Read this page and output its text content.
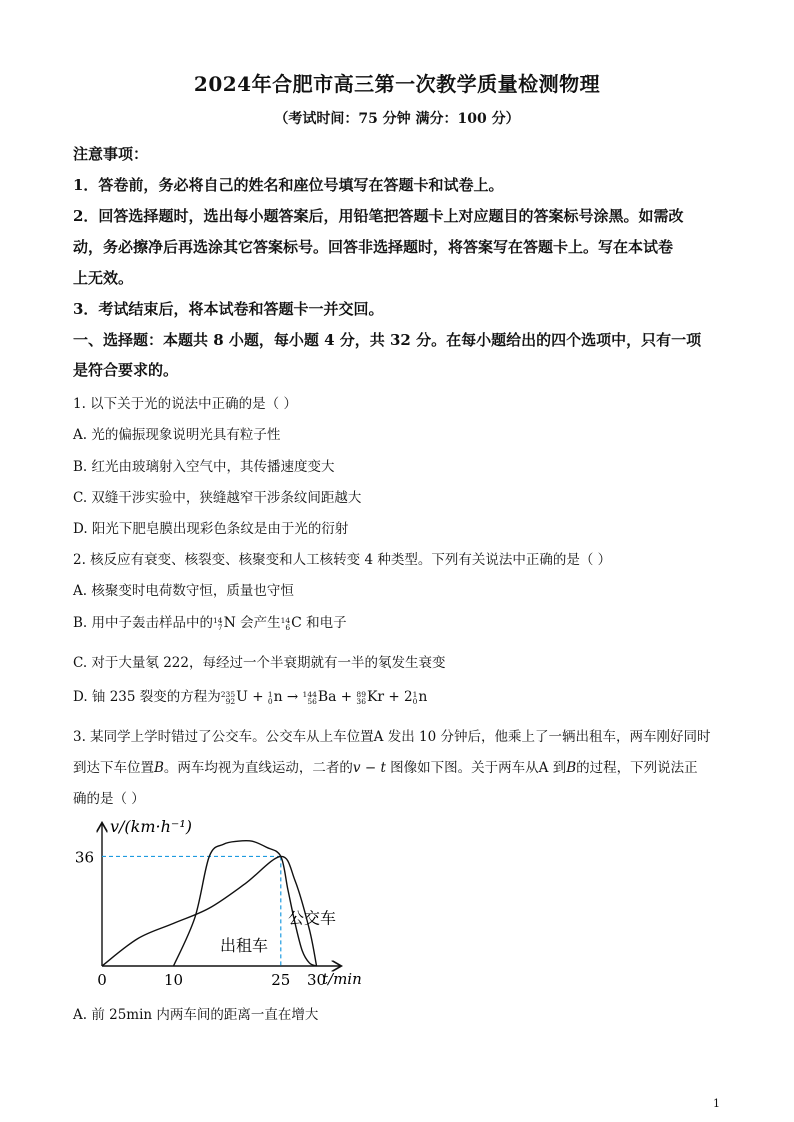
2024年合肥市高三第一次教学质量检测物理
（考试时间：75 分钟 满分：100 分）
注意事项：
1．答卷前，务必将自己的姓名和座位号填写在答题卡和试卷上。
2．回答选择题时，选出每小题答案后，用铅笔把答题卡上对应题目的答案标号涂黑。如需改
动，务必擦净后再选涂其它答案标号。回答非选择题时，将答案写在答题卡上。写在本试卷
上无效。
3．考试结束后，将本试卷和答题卡一并交回。
一、选择题：本题共 8 小题，每小题 4 分，共 32 分。在每小题给出的四个选项中，只有一项
是符合要求的。
1. 以下关于光的说法中正确的是（ ）
A. 光的偏振现象说明光具有粒子性
B. 红光由玻璃射入空气中，其传播速度变大
C. 双缝干涉实验中，狭缝越窄干涉条纹间距越大
D. 阳光下肥皂膜出现彩色条纹是由于光的衍射
2. 核反应有衰变、核裂变、核聚变和人工核转变 4 种类型。下列有关说法中正确的是（ ）
A. 核聚变时电荷数守恒，质量也守恒
B. 用中子轰击样品中的 14
7 N 会产生 14
6 C 和电子
C. 对于大量氡 222，每经过一个半衰期就有一半的氡发生衰变
D. 铀 235 裂变的方程为 235
92 U + 1
0 n → 144
56 Ba + 89
36 Kr + 2 1
0 n
3. 某同学上学时错过了公交车。公交车从上车位置A 发出 10 分钟后，他乘上了一辆出租车，两车刚好同时
到达下车位置B。两车均视为直线运动，二者的v − t 图像如下图。关于两车从A 到B的过程，下列说法正
确的是（ ）
v/(km·h⁻¹)
t/min
0	10	25 30
36
公交车
出租车
A. 前 25min 内两车间的距离一直在增大
1
